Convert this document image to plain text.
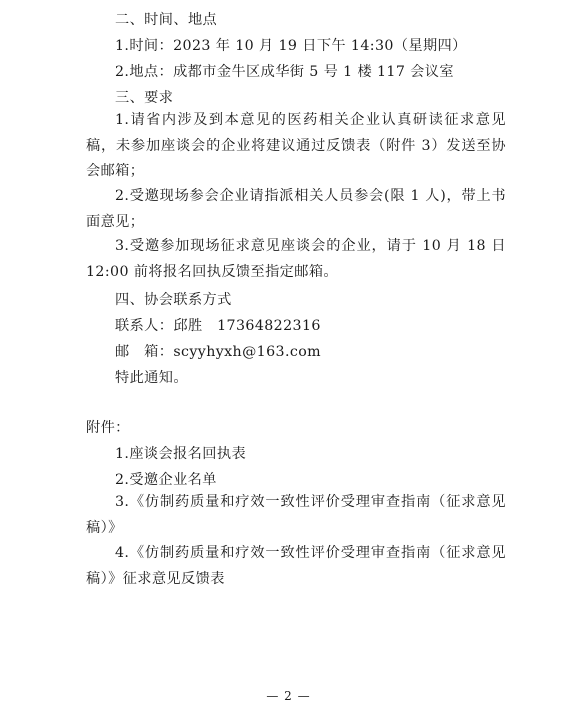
二、时间、地点
1.时间：2023 年 10 月 19 日下午 14:30（星期四）
2.地点：成都市金牛区成华街 5 号 1 楼 117 会议室
三、要求
1.请省内涉及到本意见的医药相关企业认真研读征求意见稿，未参加座谈会的企业将建议通过反馈表（附件 3）发送至协会邮箱；
2.受邀现场参会企业请指派相关人员参会(限 1 人)，带上书面意见；
3.受邀参加现场征求意见座谈会的企业，请于 10 月 18 日 12:00 前将报名回执反馈至指定邮箱。
四、协会联系方式
联系人：邱胜　17364822316
邮　箱：scyyhyxh@163.com
特此通知。
附件：
1.座谈会报名回执表
2.受邀企业名单
3.《仿制药质量和疗效一致性评价受理审查指南（征求意见稿）》
4.《仿制药质量和疗效一致性评价受理审查指南（征求意见稿）》征求意见反馈表
— 2 —
